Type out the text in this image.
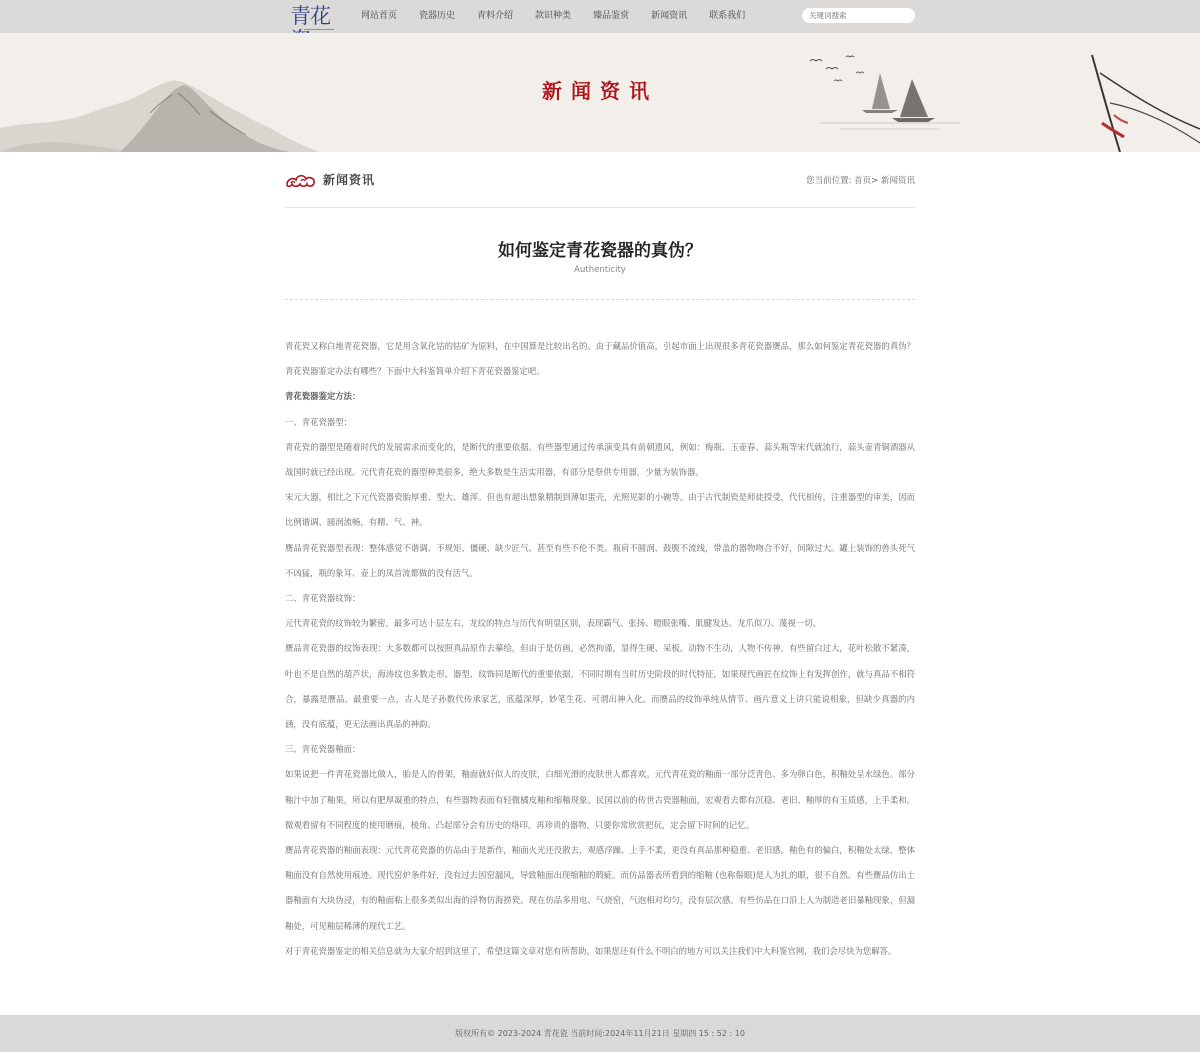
青花	网站首页	瓷器历史	青料介绍	款识种类	臻品鉴赏	新闻资讯	联系我们
关键词搜索
新闻资讯
新闻资讯	您当前位置: 首页> 新闻资讯
如何鉴定青花瓷器的真伪？
Authenticity

青花瓷又称白地青花瓷器，它是用含氧化钴的钴矿为原料，在中国算是比较出名的。由于藏品价值高，引起市面上出现很多青花瓷器赝品，那么如何鉴定青花瓷器的真伪？青花瓷器鉴定办法有哪些？下面中大科鉴简单介绍下青花瓷器鉴定吧。

青花瓷器鉴定方法：

一、青花瓷器型：

青花瓷的器型是随着时代的发展需求而变化的，是断代的重要依据。有些器型通过传承演变具有前朝遗风，例如：梅瓶、玉壶春、蒜头瓶等宋代就流行，蒜头壶青铜酒器从战国时就已经出现。元代青花瓷的器型种类很多，绝大多数是生活实用器，有部分是祭供专用器，少量为装饰器。

宋元大器，相比之下元代瓷器瓷胎厚重、型大、雄浑。但也有超出想象精制到薄如蛋壳，光照见影的小碗等。由于古代制瓷是师徒授受，代代相传，注重器型的审美，因而比例谐调、圆润流畅，有精、气、神。

赝品青花瓷器型表现：整体感觉不谐调、不规矩、僵硬、缺少匠气、甚至有些不伦不类。瓶肩不圆润、鼓腹不流线，带盖的器物吻合不好，间隙过大。罐上装饰的兽头死气不凶猛，瓶的象耳、壶上的凤首流都做的没有活气。

二、青花瓷器纹饰：

元代青花瓷的纹饰较为繁密，最多可达十层左右，龙纹的特点与历代有明显区别，表现霸气、张扬、瞪眼张嘴、肌腱发达、龙爪似刀、蔑视一切。

赝品青花瓷器的纹饰表现：大多数都可以按照真品原作去摹绘，但由于是仿画，必然拘谨，显得生硬、呆板。动物不生动，人物不传神，有些留白过大，花叶松散不紧凑，叶也不是自然的葫芦状，海涛纹也多数走形。器型、纹饰同是断代的重要依据，不同时期有当时历史阶段的时代特征，如果现代画匠在纹饰上有发挥创作，就与真品不相符合，暴露是赝品。最重要一点，古人是子孙数代传承家艺，底蕴深厚，妙笔生花、可谓出神入化。而赝品的纹饰单纯从情节、画片意义上讲只能说相象，但缺少真器的内涵，没有底蕴，更无法画出真品的神韵。

三、青花瓷器釉面：

如果说把一件青花瓷器比做人，胎是人的骨架，釉面就好似人的皮肤，白细光滑的皮肤世人都喜欢。元代青花瓷的釉面一部分泛青色、多为卵白色，积釉处呈水绿色。部分釉汁中加了釉果，所以有肥厚凝重的特点，有些器物表面有轻微橘皮釉和缩釉现象。民国以前的传世古瓷器釉面，宏观看去都有沉稳、老旧、釉厚的有玉质感，上手柔和。微观看留有不同程度的使用磨痕，棱角、凸起部分会有历史的烙印。再珍贵的器物，只要你常欣赏把玩，定会留下时间的记忆。

赝品青花瓷器的釉面表现：元代青花瓷器的仿品由于是新作，釉面火光还没散去，观感浮躁、上手不柔，更没有真品那种稳重、老旧感。釉色有的偏白，积釉处太绿，整体釉面没有自然使用痕迹。现代窑炉条件好，没有过去因窑漏风，导致釉面出现缩釉的瑕疵。而仿品器表所看到的缩釉 (也称鬃眼)是人为扎的眼，很不自然。有些赝品仿出土器釉面有大块伪浸，有的釉面粘上很多类似出海的浮物仿海捞瓷。现在仿品多用电、气烧窑，气泡相对均匀，没有层次感。有些仿品在口沿上人为制造老旧暴釉现象，但漏釉处，可见釉层稀薄的现代工艺。

对于青花瓷器鉴定的相关信息就为大家介绍到这里了，希望这篇文章对您有所帮助。如果您还有什么不明白的地方可以关注我们中大科鉴官网，我们会尽快为您解答。

版权所有© 2023-2024 青花瓷 当前时间:2024年11月21日 星期四 15 : 52 : 10
